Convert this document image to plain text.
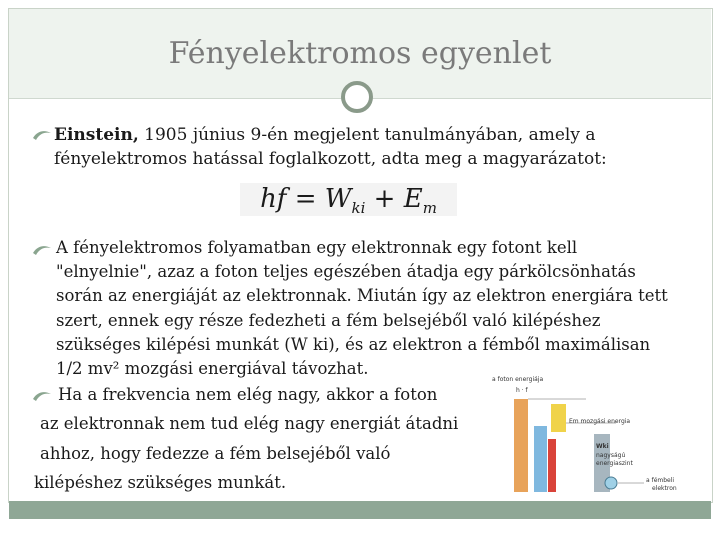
Fényelektromos egyenlet
Einstein, 1905 június 9-én megjelent tanulmányában, amely a
fényelektromos hatással foglalkozott, adta meg a magyarázatot:
hf = $W_{ki} + E_m$
A fényelektromos folyamatban egy elektronnak egy fotont kell
"elnyelnie", azaz a foton teljes egészében átadja egy párkölcsönhatás
során az energiáját az elektronnak. Miután így az elektron energiára tett
szert, ennek egy része fedezheti a fém belsejéből való kilépéshez
szükséges kilépési munkát (W ki), és az elektron a fémből maximálisan
1/2 mv² mozgási energiával távozhat.
Ha a frekvencia nem elég nagy, akkor a foton
az elektronnak nem tud elég nagy energiát átadni
ahhoz, hogy fedezze a fém belsejéből való
kilépéshez szükséges munkát.
a foton energiája
h · f
Em mozgási energia
Wki
nagyságú
energiaszint
a fémbeli
elektron
